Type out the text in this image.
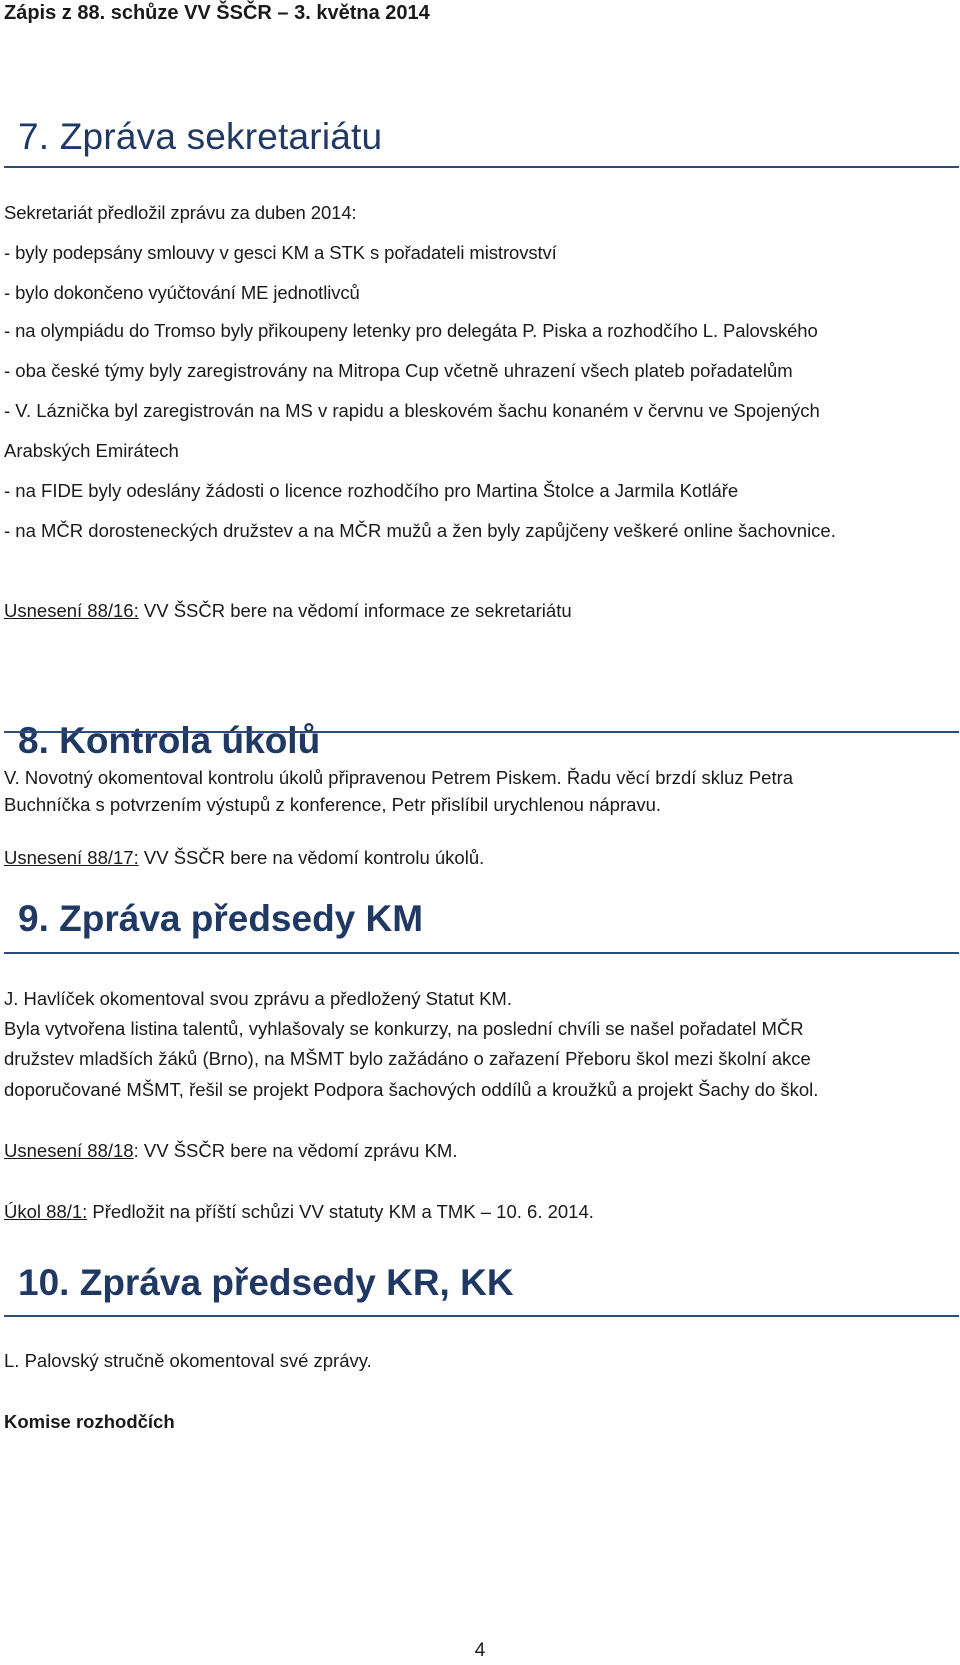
Zápis z 88. schůze VV ŠSČR – 3. května 2014
7. Zpráva sekretariátu
Sekretariát předložil zprávu za duben 2014:
- byly podepsány smlouvy v gesci KM a STK s pořadateli mistrovství
- bylo dokončeno vyúčtování ME jednotlivců
- na olympiádu do Tromso byly přikoupeny letenky pro delegáta P. Piska a rozhodčího L. Palovského
- oba české týmy byly zaregistrovány na Mitropa Cup včetně uhrazení všech plateb pořadatelům
- V. Láznička byl zaregistrován na MS v rapidu a bleskovém šachu konaném v červnu ve Spojených
Arabských Emirátech
- na FIDE byly odeslány žádosti o licence rozhodčího pro Martina Štolce a Jarmila Kotláře
- na MČR dorosteneckých družstev a na MČR mužů a žen byly zapůjčeny veškeré online šachovnice.
Usnesení 88/16: VV ŠSČR bere na vědomí informace ze sekretariátu
8. Kontrola úkolů
V. Novotný okomentoval kontrolu úkolů připravenou Petrem Piskem. Řadu věcí brzdí skluz Petra
Buchníčka s potvrzením výstupů z konference, Petr přislíbil urychlenou nápravu.
Usnesení 88/17: VV ŠSČR bere na vědomí kontrolu úkolů.
9. Zpráva předsedy KM
J. Havlíček okomentoval svou zprávu a předložený Statut KM.
Byla vytvořena listina talentů, vyhlašovaly se konkurzy, na poslední chvíli se našel pořadatel MČR
družstev mladších žáků (Brno), na MŠMT bylo zažádáno o zařazení Přeboru škol mezi školní akce
doporučované MŠMT, řešil se projekt Podpora šachových oddílů a kroužků a projekt Šachy do škol.
Usnesení 88/18: VV ŠSČR bere na vědomí zprávu KM.
Úkol 88/1: Předložit na příští schůzi VV statuty KM a TMK – 10. 6. 2014.
10. Zpráva předsedy KR, KK
L. Palovský stručně okomentoval své zprávy.
Komise rozhodčích
4
